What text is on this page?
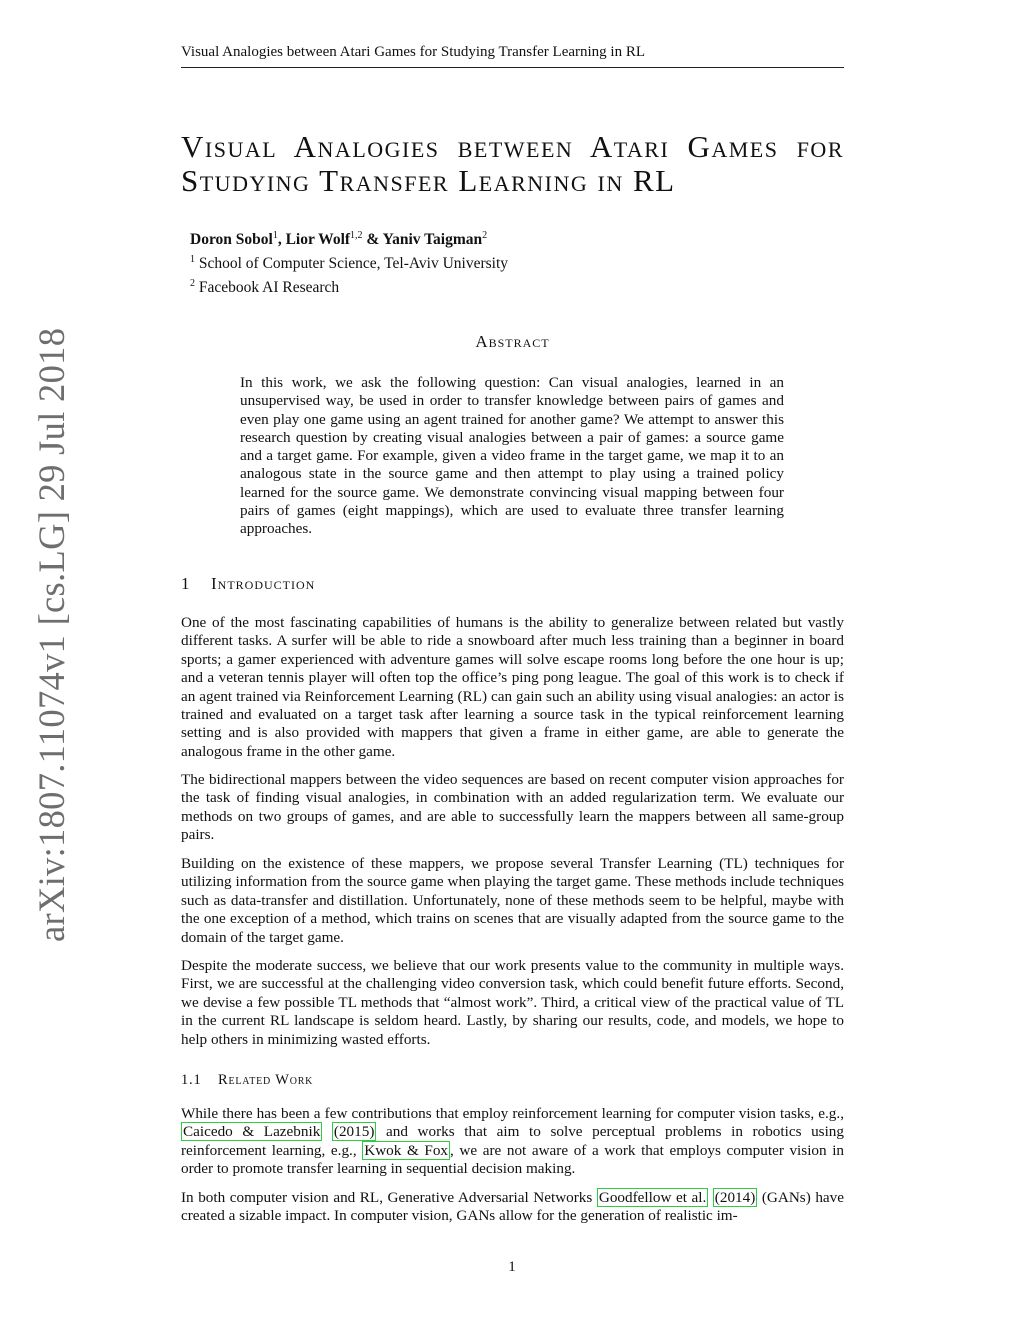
Visual Analogies between Atari Games for Studying Transfer Learning in RL
Visual Analogies between Atari Games for
Studying Transfer Learning in RL
Doron Sobol$^1$, Lior Wolf$^{1,2}$ & Yaniv Taigman$^2$
$^1$ School of Computer Science, Tel-Aviv University
$^2$ Facebook AI Research
arXiv:1807.11074v1 [cs.LG] 29 Jul 2018	Abstract

In this work, we ask the following question: Can visual analogies, learned in an unsupervised way, be used in order to transfer knowledge between pairs of games and even play one game using an agent trained for another game? We attempt to answer this research question by creating visual analogies between a pair of games: a source game and a target game. For example, given a video frame in the target game, we map it to an analogous state in the source game and then attempt to play using a trained policy learned for the source game. We demonstrate convincing visual mapping between four pairs of games (eight mappings), which are used to evaluate three transfer learning approaches.

1 Introduction

One of the most fascinating capabilities of humans is the ability to generalize between related but vastly different tasks. A surfer will be able to ride a snowboard after much less training than a beginner in board sports; a gamer experienced with adventure games will solve escape rooms long before the one hour is up; and a veteran tennis player will often top the office’s ping pong league. The goal of this work is to check if an agent trained via Reinforcement Learning (RL) can gain such an ability using visual analogies: an actor is trained and evaluated on a target task after learning a source task in the typical reinforcement learning setting and is also provided with mappers that given a frame in either game, are able to generate the analogous frame in the other game.

The bidirectional mappers between the video sequences are based on recent computer vision approaches for the task of finding visual analogies, in combination with an added regularization term. We evaluate our methods on two groups of games, and are able to successfully learn the mappers between all same-group pairs.

Building on the existence of these mappers, we propose several Transfer Learning (TL) techniques for utilizing information from the source game when playing the target game. These methods include techniques such as data-transfer and distillation. Unfortunately, none of these methods seem to be helpful, maybe with the one exception of a method, which trains on scenes that are visually adapted from the source game to the domain of the target game.

Despite the moderate success, we believe that our work presents value to the community in multiple ways. First, we are successful at the challenging video conversion task, which could benefit future efforts. Second, we devise a few possible TL methods that “almost work”. Third, a critical view of the practical value of TL in the current RL landscape is seldom heard. Lastly, by sharing our results, code, and models, we hope to help others in minimizing wasted efforts.

1.1 Related Work

While there has been a few contributions that employ reinforcement learning for computer vision tasks, e.g., Caicedo & Lazebnik (2015) and works that aim to solve perceptual problems in robotics using reinforcement learning, e.g., Kwok & Fox , we are not aware of a work that employs computer vision in order to promote transfer learning in sequential decision making.

In both computer vision and RL, Generative Adversarial Networks Goodfellow et al. (2014) (GANs) have created a sizable impact. In computer vision, GANs allow for the generation of realistic im-

1
